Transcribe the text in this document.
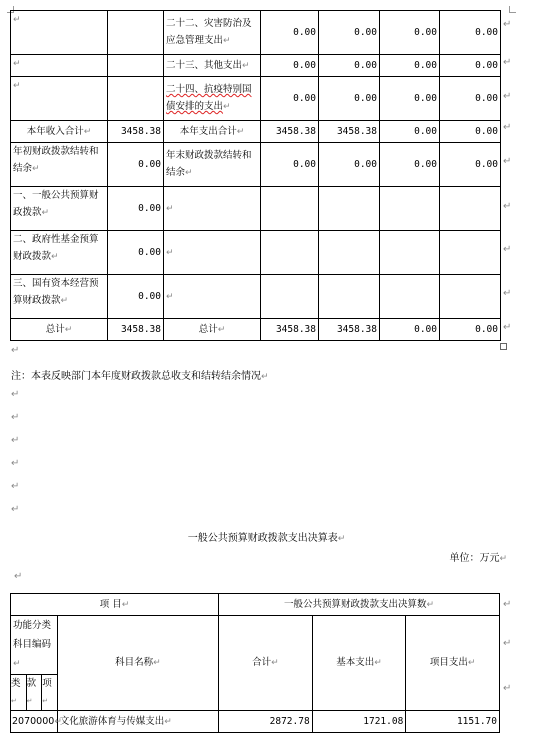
↵		二十二、灾害防治及应急管理支出↵	0.00	0.00	0.00	0.00
↵		二十三、其他支出↵	0.00	0.00	0.00	0.00
↵		二十四、抗疫特别国债安排的支出↵	0.00	0.00	0.00	0.00
本年收入合计↵	3458.38	本年支出合计↵	3458.38	3458.38	0.00	0.00
年初财政拨款结转和结余↵	0.00	年末财政拨款结转和结余↵	0.00	0.00	0.00	0.00
一、一般公共预算财政拨款↵	0.00	↵				
二、政府性基金预算财政拨款↵	0.00	↵				
三、国有资本经营预算财政拨款↵	0.00	↵				
总计↵	3458.38	总计↵	3458.38	3458.38	0.00	0.00
↵
↵
↵
↵
↵
↵
↵
↵
↵
↵
注：本表反映部门本年度财政拨款总收支和结转结余情况↵
↵
↵
↵
↵
↵
↵
一般公共预算财政拨款支出决算表↵
单位：万元↵
↵
项 目↵				一般公共预算财政拨款支出决算数↵		
功能分类科目编码↵			科目名称↵	合计↵	基本支出↵	项目支出↵
类↵	款↵	项↵				
2070000↵			文化旅游体育与传媒支出↵	2872.78	1721.08	1151.70
↵
↵
↵
